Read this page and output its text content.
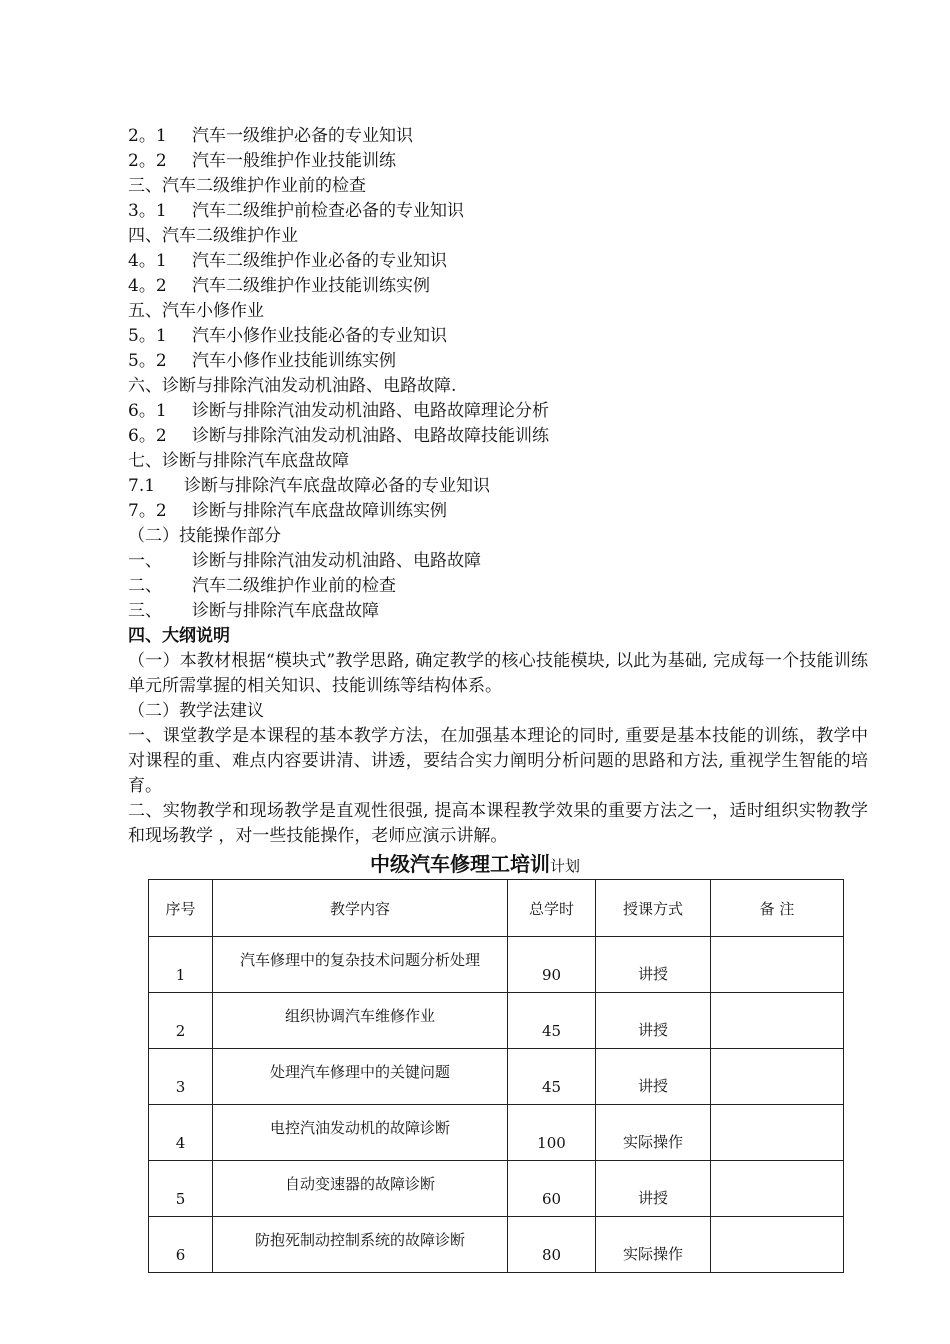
2。1 汽车一级维护必备的专业知识
2。2 汽车一般维护作业技能训练
三、汽车二级维护作业前的检查
3。1 汽车二级维护前检查必备的专业知识
四、汽车二级维护作业
4。1 汽车二级维护作业必备的专业知识
4。2 汽车二级维护作业技能训练实例
五、汽车小修作业
5。1 汽车小修作业技能必备的专业知识
5。2 汽车小修作业技能训练实例
六、诊断与排除汽油发动机油路、电路故障.
6。1 诊断与排除汽油发动机油路、电路故障理论分析
6。2 诊断与排除汽油发动机油路、电路故障技能训练
七、诊断与排除汽车底盘故障
7.1 诊断与排除汽车底盘故障必备的专业知识
7。2 诊断与排除汽车底盘故障训练实例
（二）技能操作部分
一、 诊断与排除汽油发动机油路、电路故障
二、 汽车二级维护作业前的检查
三、 诊断与排除汽车底盘故障
四、大纲说明
（一）本教材根据“模块式”教学思路, 确定教学的核心技能模块, 以此为基础, 完成每一个技能训练单元所需掌握的相关知识、技能训练等结构体系。
（二）教学法建议
一、课堂教学是本课程的基本教学方法，在加强基本理论的同时, 重要是基本技能的训练，教学中对课程的重、难点内容要讲清、讲透，要结合实力阐明分析问题的思路和方法, 重视学生智能的培育。
二、实物教学和现场教学是直观性很强, 提高本课程教学效果的重要方法之一，适时组织实物教学和现场教学 ，对一些技能操作，老师应演示讲解。
中级汽车修理工培训计划
序号	教学内容	总学时	授课方式	备 注
1	汽车修理中的复杂技术问题分析处理	90	讲授	
2	组织协调汽车维修作业	45	讲授	
3	处理汽车修理中的关键问题	45	讲授	
4	电控汽油发动机的故障诊断	100	实际操作	
5	自动变速器的故障诊断	60	讲授	
6	防抱死制动控制系统的故障诊断	80	实际操作	
